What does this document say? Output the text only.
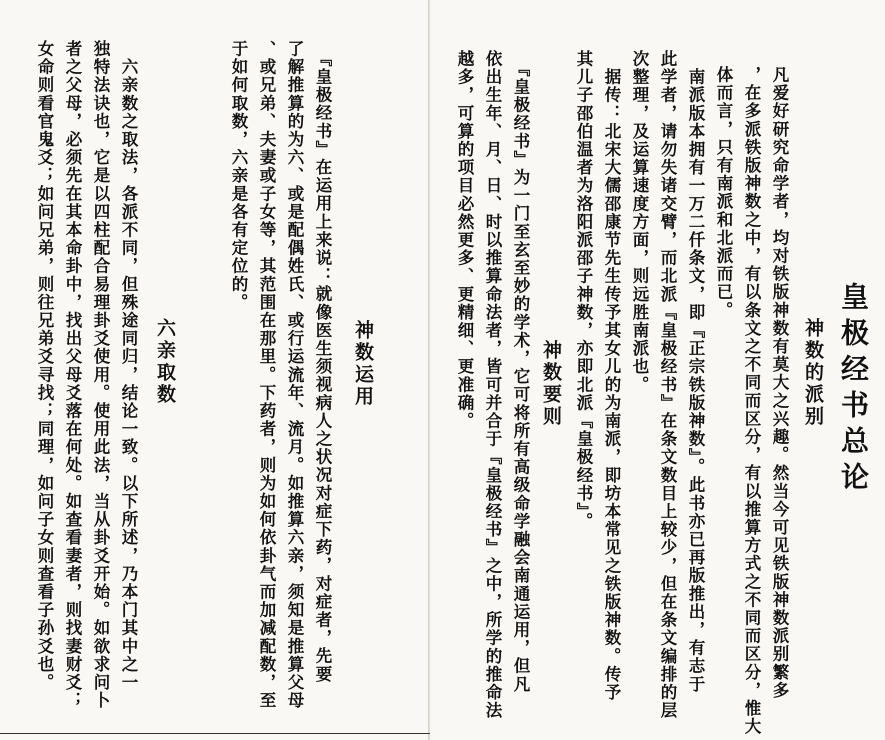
皇极经书总论
神数的派别
凡爱好研究命学者，均对铁版神数有莫大之兴趣。然当今可见铁版神数派别繁多
，在多派铁版神数之中，有以条文之不同而区分，有以推算方式之不同而区分，惟大
体而言，只有南派和北派而已。
　南派版本拥有一万二仟条文，即『正宗铁版神数』。此书亦已再版推出，有志于
此学者，请勿失诸交臂，而北派『皇极经书』在条文数目上较少，但在条文编排的层
次整理，及运算速度方面，则远胜南派也。
　据传：北宋大儒邵康节先生传予其女儿的为南派，即坊本常见之铁版神数。传予
其儿子邵伯温者为洛阳派邵子神数，亦即北派『皇极经书』。
神数要则
　『皇极经书』为一门至玄至妙的学术，它可将所有高级命学融会南通运用，但凡
依出生年、月、日、时以推算命法者，皆可并合于『皇极经书』之中，所学的推命法
越多，可算的项目必然更多、更精细、更准确。
神数运用
　『皇极经书』在运用上来说：就像医生须视病人之状况对症下药，对症者，先要
了解推算的为六、或是配偶姓氏、或行运流年、流月。如推算六亲，须知是推算父母
、或兄弟、夫妻或子女等，其范围在那里。下药者，则为如何依卦气而加减配数，至
于如何取数，六亲是各有定位的。
六亲取数
　六亲数之取法，各派不同，但殊途同归，结论一致。以下所述，乃本门其中之一
独特法诀也，它是以四柱配合易理卦爻使用。使用此法，当从卦爻开始。如欲求问卜
者之父母，必须先在其本命卦中，找出父母爻落在何处。如查看妻者，则找妻财爻；
女命则看官鬼爻；如问兄弟，则往兄弟爻寻找；同理，如问子女则查看子孙爻也。
